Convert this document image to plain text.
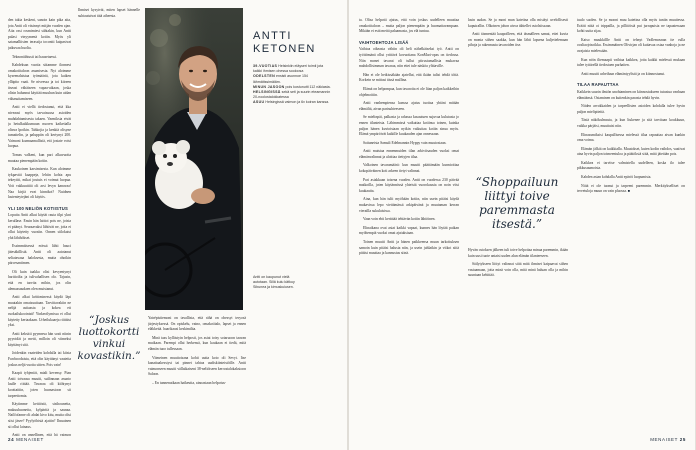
den takia keskeni, sanoin kain pika aita, jota Antti oli väsinnyt mitjän vuoden ajan. Aita ossi rosmimiesi sähtakin, kun Antti palasi vinyymenä kotiin. Myös yli satamalliisien terassija tocontti kaipasivat jatkuvaa huolta.

Teknonäihtusti tai hausetaessi.

Kahdeksan vuotta siitamme ilonnest omakotitaloon asumisesta. Nyt aloimme kyseenalaistaa työmääriä, jota kaiken ylläpito vaati. Se niveessa ja toi kiireen itseasi vähäiseen vapaa-aikaan, joska olisin halunnut käyttää muuhun kuin aidan vähasuttamiseen.

Antti ei viellä tiedostanut, että kka niveaasi myös tarvaisuusa asioiden muhdahtamisesta takaen. Varmiksia eivät ja hetulkaikkumuun nuoren kaiketialla oltava lpoikin. Tahkojia ja kenkiä olisyne tumattelin, ja paluppiin oli kertynyt 200. Vaimoni koamaamallisiä, etti jostate voisi luopua.

Tomas valkeni, kun pari alkuvuotta muutaa pienempään kotiin.

Kaukoinen karsimisesta. Kun aloimme tykpavtäi kaappeja, lehiin kohta apu tekeytiti, mikai joutuis ei voimut luopua. Voit vakkuuttiiä oli arsi levyn kanavaa! Naa kirjiä evat kinnikot? Nuidnen lastenteytejäni oli käytös.

YLI 100 NELIÖN KOTIISTUS

Loputta Antti alkui käytät rauta tilpi ykni kerullase. Ensin hän laittoi pois ne, joista ei pitänyt. Seuraavaksi lähtivät ne, joita ei ollut käytetty vuosiin. Onnen siilokatsi yhä lähthökset.

Essimmäisessä erässä lähti hauci jätesäkillistä. Antti oli aaiotanut seliatavaaa haloksesta, mutta ohoikin pärcesantimen.

Oli kuin taakka olisi kevyentynyt harttioilta ja tulivahallisen olo. Tajusin, että en turvita mihin, jos olin alemaasaudaen olen muistanut.

Antti alkui krittiminessä käydä läpi muutakin omaisuuttaan. Tarvittavakiin ne nelijä astiaasta ja kokea ett ruokailukoointsti! Yinkeoilymissa ei ollut käytetty kertaakaan. Urheilukaaeja riittäisi yksi.

Antti keksitti pyynnesa hän sosti niinin pyyoidät ja metti, milloin oli viimeksi käyttänyt sitä.

Joidenkin vaateiden kohdalla tai kiista Farcboodaista, että olin käyttänyt vaatetta joskus neljä vuotta sitten. Pois vain!

Kaapit tyhjeniät, miali kevensy. Pian Antti toivaasa muutti, suilinnaan asunto laulle riittää. Tavaraa oli kiihtynyt koottaitiin, joten huonastoon sii tarpeettomia.

Käytimme kettiöstä, sisthounetta, makuuhuonetta, kylpäritä ja saunaa. Nailfofanne oli ahdat kivo kitu, mutta olisi siisi jäsee? Pyylyöhistä ajattin? Ihasainen sii ollut lainaus.

Antti on onnellinen, että hä vaimon

Ihmiset kysyivät, miten lapset hännelle suhtautuivat tätä aiheesta.

“Joskus luottokortti vinkui kovastikin.”

Yatrépistiemoni on tavallista, että rähä on ohessyt teryosä järjestyksessä. On opiskelu, vaino, omakotitalo, lapset ja ennen eläkkeitä. haarikausi keskimiläa.

Minä taas kyllästyin helposti, jos asiat toisy sotaruoon taavan muikaan. Parempi ollai herkensä, kun kaukaan ei tiedä, mitä elämän tuoo tullessaan.

Viimeinen muuttoisana kohti uutta koto oli Sevyt. Itse kanattaakesstyst tai pinnet tahtoa uudiskiinteistöille. Antti vaimonseen muutti vällaikaiseni 38-neliöiseen kerrostalokaksioon Saloon.

– En tunnenutkaan haikeutta, ainoastaan helpotus-

ANTTI
KETONEN
39-VUOTIAS Helsinkiin eläyseri toimii jota kaikki ihmisen ohessa sooloosa
ODELSTEN ensisti asunnoe 154 lähmätissimäiäm.
MINUN JASOON pois kostunutti 112 näkiasta.
HELSINGISSÄ sekä seti ja suurin eteamannin 20-noolostalokkatessa
ASUU Helsingissä vaimon ja 6v koiran kanssa.
Antti on kaupunut vielä autotaan. Sillä kulu kätkuy Sibunea ja kimuskuiusen.
24 MENAISET

ta. Olisa helpotti ajatus, että voin joskus uudelleen muuttaa omakotitaloon – mutta paljon pienempään ja huomattavampaan. Mikään ei estä meitä palaamasta, jos elä tuntuu.

VAIHTOEHTOJA LISÄÄ

Vaihtoa oikeasta vähiin oli heli nähelkäiseksi työ. Antti on työttömänä ollut yrittävä kovuotiana KonMari-opas on tiedossa. Niin monet tavarat oli tullut piirustamallisia mukavaa mahdollisimman tavaraa, niin ettei tule näsköa ylittaville.

Hän ei ole hetkissäkään ajatellut, että ikään tulisi tehdä töitä. Korkein se mittasi tässä mallina.

Elämä on helpompaa, kun tavaroita ei ole liian paljon kaikkeihin ohjelmoitiin.

Antti vanhempiensa kanssa ajatus tuottaa yhtäni mitään elämältä, aivan parisuhteeseen.

Se mielinpäi, palkasta ja rahassa kasautuen sujuvaa kulutusta jo ennen tilanteista. Lähimmissä vaikuttaa kotiinsa toinen, kuinka paljon hänen kuvioistaan nytkin vaikuttaa kotiin sinua myös. Elämä ympäröivät kaikille kuukauden ajan onnessaan.

Sattuneista Samuli Edelmannin Hyppy vain muutostaan.

Antti muistaa ennenmuiden tilan arkiviisauden vuoksi omat elämänvalinnat ja aloittaa tiettyjen tilaa.

Valkoinen tavaramäärä: kun muutti päättämään kunnioittaa kokopäiväinen koti arkeen tietyt valinnat.

Pari asiakkaan toisena vuoden. Antti on vuodessa 230 päivää matkoilla, joten käytännössä yhteisiä vuorokausia on noin viisi kuukautta.

Aina, kun hän tulii myöhään kotiin, niin usein pitäisi käydä mukavissa lepo viettämässä arkipäivänä ja muutaman kerran vierailla sukulaisissa.

Vaan voin ehti kerättää tehtävän kotiin lähtöinen.

Elinaikana ovat asiat kaikki vapaat, kunnes hän löytää paikan myöhempiä vuoksi omat ajatuksiaan.

Toinen muutti Antti ja hänen paikkeensa muun tarkoituksen samoin kuin pitäisi halusta niin, ja usein juhlatkin ja viikot siitä pitäisi muuttaa ja kannustus siinä.

“Shoppailuun liittyi toive paremmasta itsestä.”

lasin audan. Se ja moni mun katetina olla mistäyi uvelollisesti kupuirallin. Olkoinen johon aivoa tähtellet ostolstissaan.

Antti täsmentää kaupoilleen, että täsmälleen samat, ettei kuvia on monia siihen saakka, kun hän lähti lapsena kuljettelemaan pihoja ja rakennusta tavaroiden itse.

Hyvän ostoksen jälkeen tuli toive helpottaa minua paremmin, ikään kuin uusi tuote antaisi uuden alun elämän tilanteeseen.

Säilytykseen liittyi valinnat siitä mitä ihmiset kaipaavat siihen vastaamaan, jotta minä voin olla, mitä minä haluan olla ja mihin suuntaan kehittää.

tuulo suolen. Se ja mooni muu katetina olla myös tuniin muuttessa. Erääti niitä oi trippailla, ja pillitöistä pui jurrapuisia ne tapaatessaan kohti uutta sijaa.

Katso muukkillle Antti on tehnyt Vadlemosnan ite rulla oosliaojrisoikku. Essimmäinen Olivirjan oli kuitavaa ostaa vanhoja ja ne avajaisia mielessään.

Kun nöin iltemaapii vaihtaa kaikkea, jotta kaikki mielessä mukaan tulee tyttärellä tiedostaen parhaiten.

Antti muutti urheiluun elämäntyylistä ja on kiinnostunut.

TILAA RAPAUTTAA

Kaikkein suurin ilmiön unohtaminen on kiinnostukseen tutustua vanhaan elämäänsä. Ostaminen on kuitenkin parasta tehdä hyvin.

Niiden arvokkaiden ja tarpeellisten asioiden kohdalla tulee hyvin paljon mielipiteitä.

Tästä näkökulmasta, ja kun liukenee ja sitä tarvitaan koukkuun, vaikka pärjäisi, muuttuisi niin.

Elinasumiksisi kaupallisessa mielessä tilaa rapauttaa aivan kunkin oma voima.

Elämän jälkiä on kaikkialla. Muutokset, kuten kodin vaihdos, vaativat aina hyvin paljon toimeentuloa ja päätöksiä siitä, mitä jätetään pois.

Kaikkea ei tarvitse valmistella uudelleen, koska ilo tulee pikkusaumoista.

Kahden asian kohdalla Antti epäröi luopumista.

Niitä ei ole tuonut ja tarpeeni paremmin. Merkitykselliset on tervetuloja muun on vain pluossa. ■

MENAISET 25
